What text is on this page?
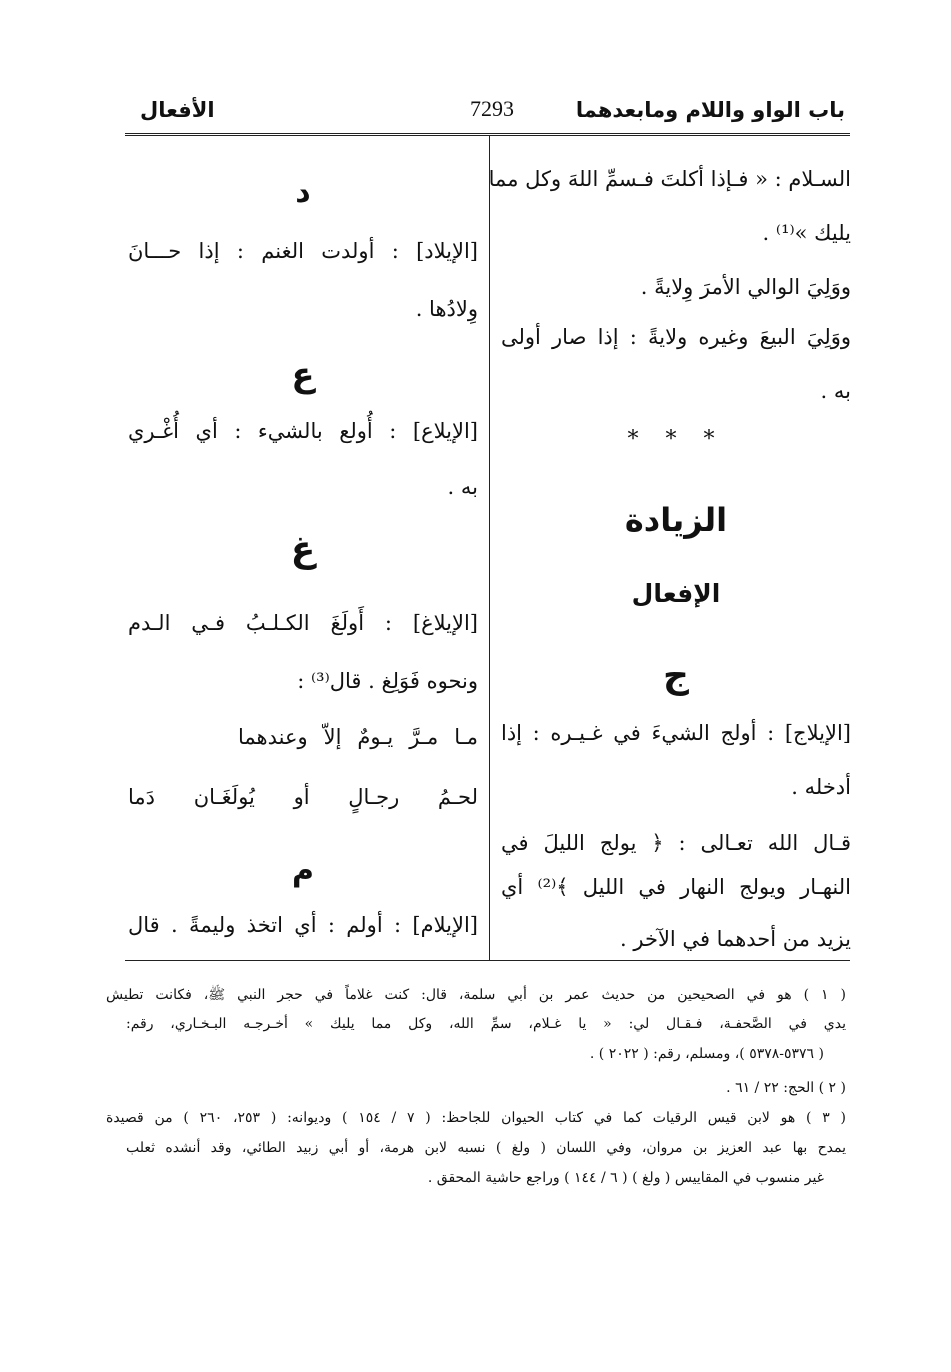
باب الواو واللام ومابعدهما
7293
الأفعال
السـلام : « فـإذا أكلتَ فـسمِّ اللهَ وكل مما
يليك »⁽¹⁾ .
ووَلِيَ الوالي الأمرَ وِلايةً .
ووَلِيَ البيعَ وغيره ولايةً : إذا صار أولى
به .
* * *
الزيادة
الإفعال
ج
[الإيلاج] : أولج الشيءَ في غـيـره : إذا
أدخله .
قـال الله تعـالى : ﴿ يولج الليلَ في
النهـار ويولج النهار في الليل ﴾⁽²⁾ أي
يزيد من أحدهما في الآخر .
د
[الإيلاد] : أولدت الغنم : إذا حـــانَ
وِلادُها .
ع
[الإيلاع] : أُولع بالشيء : أي أُغْـري
به .
غ
[الإيلاغ] : أَولَغَ الكـلـبُ فـي الـدم
ونحوه فَوَلِغ . قال⁽³⁾ :
مـا مـرَّ يـومٌ إلاّ وعندهما
لحـمُ رجـالٍ أو يُولَغَـان دَما
م
[الإيلام] : أولم : أي اتخذ وليمةً . قال
( ١ ) هو في الصحيحين من حديث عمر بن أبي سلمة، قال: كنت غلاماً في حجر النبي ﷺ، فكانت تطيش
يدي في الصَّحفـة، فـقـال لي: « يا غـلام، سمِّ الله، وكل مما يليك » أخـرجـه البـخـاري، رقم:
( ٥٣٧٦-٥٣٧٨ )، ومسلم، رقم: ( ٢٠٢٢ ) .
( ٢ ) الحج: ٢٢ / ٦١ .
( ٣ ) هو لابن قيس الرقيات كما في كتاب الحيوان للجاحظ: ( ٧ / ١٥٤ ) وديوانه: ( ٢٥٣، ٢٦٠ ) من قصيدة
يمدح بها عبد العزيز بن مروان، وفي اللسان ( ولغ ) نسبه لابن هرمة، أو أبي زبيد الطائي، وقد أنشده ثعلب
غير منسوب في المقاييس ( ولغ ) ( ٦ / ١٤٤ ) وراجع حاشية المحقق .
